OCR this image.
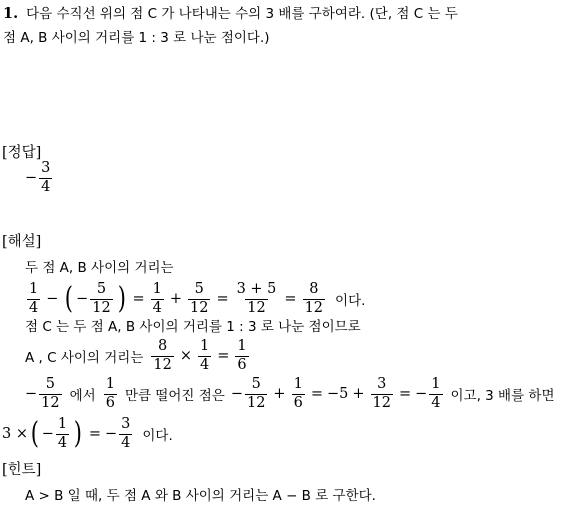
1. 다음 수직선 위의 점 C 가 나타내는 수의 3 배를 구하여라. (단, 점 C 는 두
점 A, B 사이의 거리를 1 : 3 로 나눈 점이다.)
[정답]
− $\frac{3}{4}$
[해설]
두 점 A, B 사이의 거리는
$\frac{1}{4}$ − ( − $\frac{5}{12}$ ) = $\frac{1}{4} + \frac{5}{12} = \frac{3 + 5}{12} = \frac{8}{12}$ 이다.
점 C 는 두 점 A, B 사이의 거리를 1 : 3 로 나눈 점이므로
A , C 사이의 거리는 $\frac{8}{12} \times \frac{1}{4} = \frac{1}{6}$
− $\frac{5}{12}$ 에서 $\frac{1}{6}$ 만큼 떨어진 점은 − $\frac{5}{12} + \frac{1}{6} = -5 + \frac{3}{12}$ = − $\frac{1}{4}$ 이고, 3 배를 하면
3 × ( − $\frac{1}{4}$ ) = − $\frac{3}{4}$ 이다.
[힌트]
A > B 일 때, 두 점 A 와 B 사이의 거리는 A − B 로 구한다.
